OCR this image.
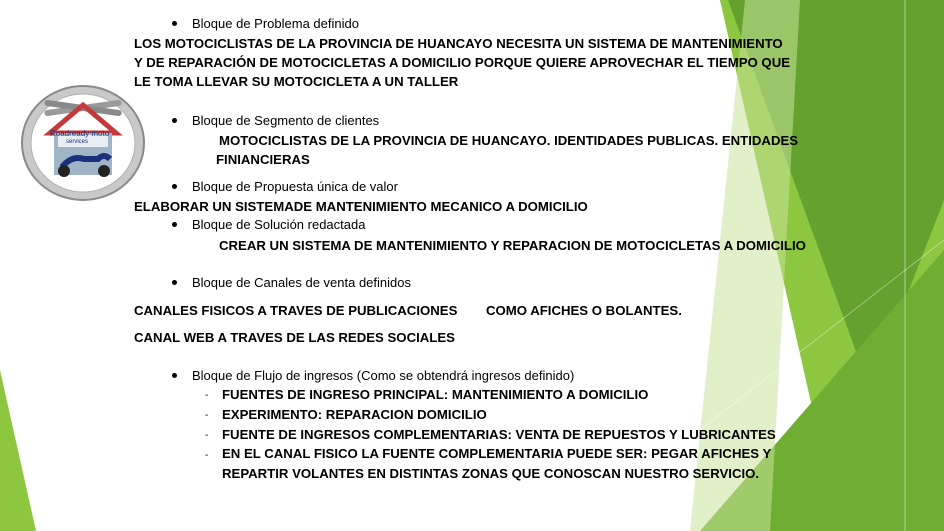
Roadready moto
services
Bloque de Problema definido
LOS MOTOCICLISTAS DE LA PROVINCIA DE HUANCAYO NECESITA UN SISTEMA DE MANTENIMIENTO
Y DE REPARACIÓN DE MOTOCICLETAS A DOMICILIO PORQUE QUIERE APROVECHAR EL TIEMPO QUE
LE TOMA LLEVAR SU MOTOCICLETA A UN TALLER
Bloque de Segmento de clientes
MOTOCICLISTAS DE LA PROVINCIA DE HUANCAYO. IDENTIDADES PUBLICAS. ENTIDADES
FINIANCIERAS
Bloque de Propuesta única de valor
ELABORAR UN SISTEMADE MANTENIMIENTO MECANICO A DOMICILIO
Bloque de Solución redactada
CREAR UN SISTEMA DE MANTENIMIENTO Y REPARACION DE MOTOCICLETAS A DOMICILIO
Bloque de Canales de venta definidos
CANALES FISICOS A TRAVES DE PUBLICACIONES COMO AFICHES O BOLANTES.
CANAL WEB A TRAVES DE LAS REDES SOCIALES
Bloque de Flujo de ingresos (Como se obtendrá ingresos definido)
- FUENTES DE INGRESO PRINCIPAL: MANTENIMIENTO A DOMICILIO
- EXPERIMENTO: REPARACION DOMICILIO
- FUENTE DE INGRESOS COMPLEMENTARIAS: VENTA DE REPUESTOS Y LUBRICANTES
- EN EL CANAL FISICO LA FUENTE COMPLEMENTARIA PUEDE SER: PEGAR AFICHES Y
REPARTIR VOLANTES EN DISTINTAS ZONAS QUE CONOSCAN NUESTRO SERVICIO.
